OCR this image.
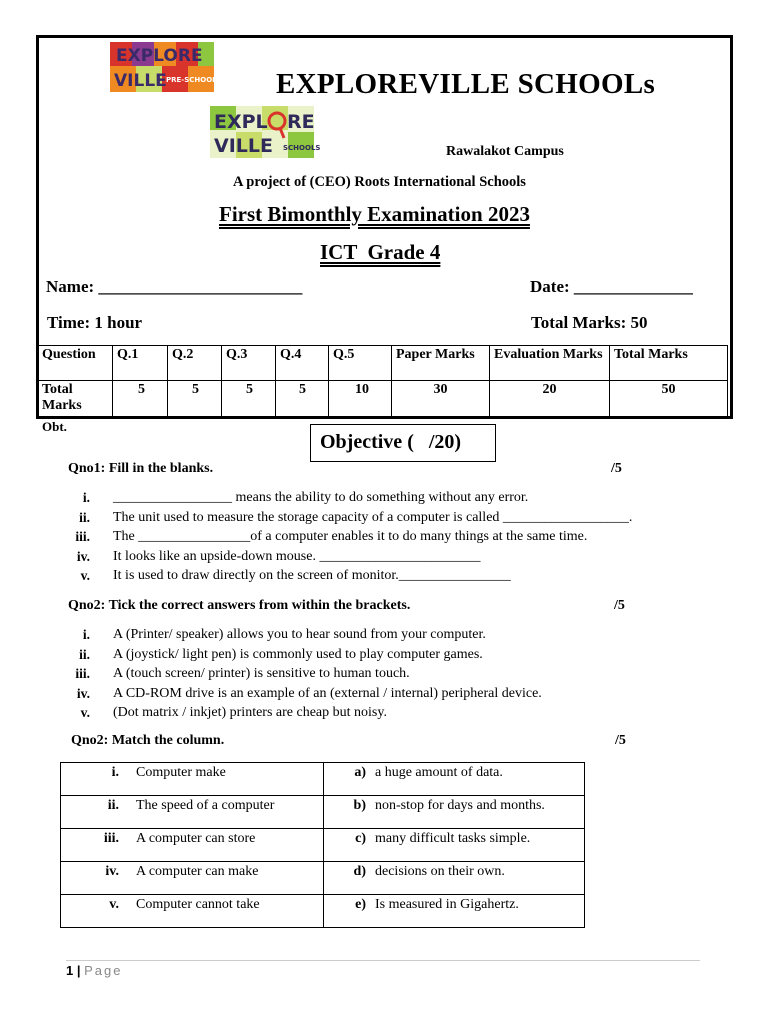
EXPLORE
VILLE PRE-SCHOOLS
EXPL RE
VILLE SCHOOLS
EXPLOREVILLE SCHOOLs
Rawalakot Campus
A project of (CEO) Roots International Schools
First Bimonthly Examination 2023
ICT  Grade 4
Name: ________________________	Date: ______________
Time: 1 hour	Total Marks: 50
Question	Q.1	Q.2	Q.3	Q.4	Q.5	Paper Marks	Evaluation Marks	Total Marks
Total Marks	5	5	5	5	10	30	20	50
Obt.
Objective (   /20)
Qno1: Fill in the blanks.	/5
i. _________________ means the ability to do something without any error.
ii. The unit used to measure the storage capacity of a computer is called __________________.
iii. The ________________of a computer enables it to do many things at the same time.
iv. It looks like an upside-down mouse. _______________________
v. It is used to draw directly on the screen of monitor.________________
Qno2: Tick the correct answers from within the brackets.	/5
i. A (Printer/ speaker) allows you to hear sound from your computer.
ii. A (joystick/ light pen) is commonly used to play computer games.
iii. A (touch screen/ printer) is sensitive to human touch.
iv. A CD-ROM drive is an example of an (external / internal) peripheral device.
v. (Dot matrix / inkjet) printers are cheap but noisy.
Qno2: Match the column.	/5
i. Computer make	a) a huge amount of data.
ii. The speed of a computer	b) non-stop for days and months.
iii. A computer can store	c) many difficult tasks simple.
iv. A computer can make	d) decisions on their own.
v. Computer cannot take	e) Is measured in Gigahertz.
1 | Page
